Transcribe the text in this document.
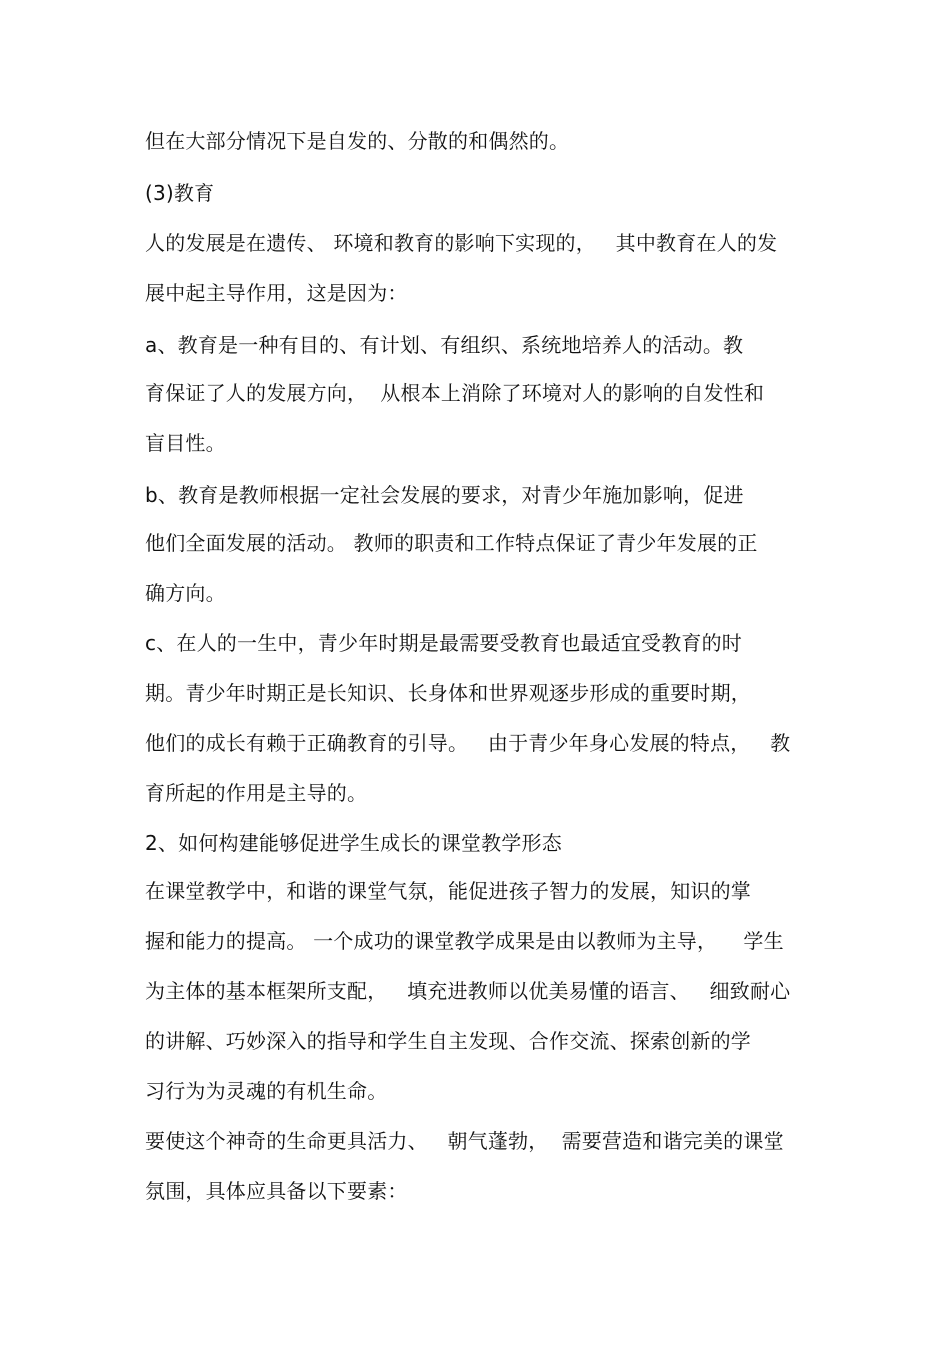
但在大部分情况下是自发的、分散的和偶然的。
(3)教育
人的发展是在遗传、 环境和教育的影响下实现的，   其中教育在人的发
展中起主导作用，这是因为：
a、教育是一种有目的、有计划、有组织、系统地培养人的活动。教
育保证了人的发展方向，  从根本上消除了环境对人的影响的自发性和
盲目性。
b、教育是教师根据一定社会发展的要求，对青少年施加影响，促进
他们全面发展的活动。 教师的职责和工作特点保证了青少年发展的正
确方向。
c、在人的一生中，青少年时期是最需要受教育也最适宜受教育的时
期。青少年时期正是长知识、长身体和世界观逐步形成的重要时期，
他们的成长有赖于正确教育的引导。   由于青少年身心发展的特点，   教
育所起的作用是主导的。
2、如何构建能够促进学生成长的课堂教学形态
在课堂教学中，和谐的课堂气氛，能促进孩子智力的发展，知识的掌
握和能力的提高。 一个成功的课堂教学成果是由以教师为主导，    学生
为主体的基本框架所支配，   填充进教师以优美易懂的语言、   细致耐心
的讲解、巧妙深入的指导和学生自主发现、合作交流、探索创新的学
习行为为灵魂的有机生命。
要使这个神奇的生命更具活力、   朝气蓬勃，  需要营造和谐完美的课堂
氛围，具体应具备以下要素：
